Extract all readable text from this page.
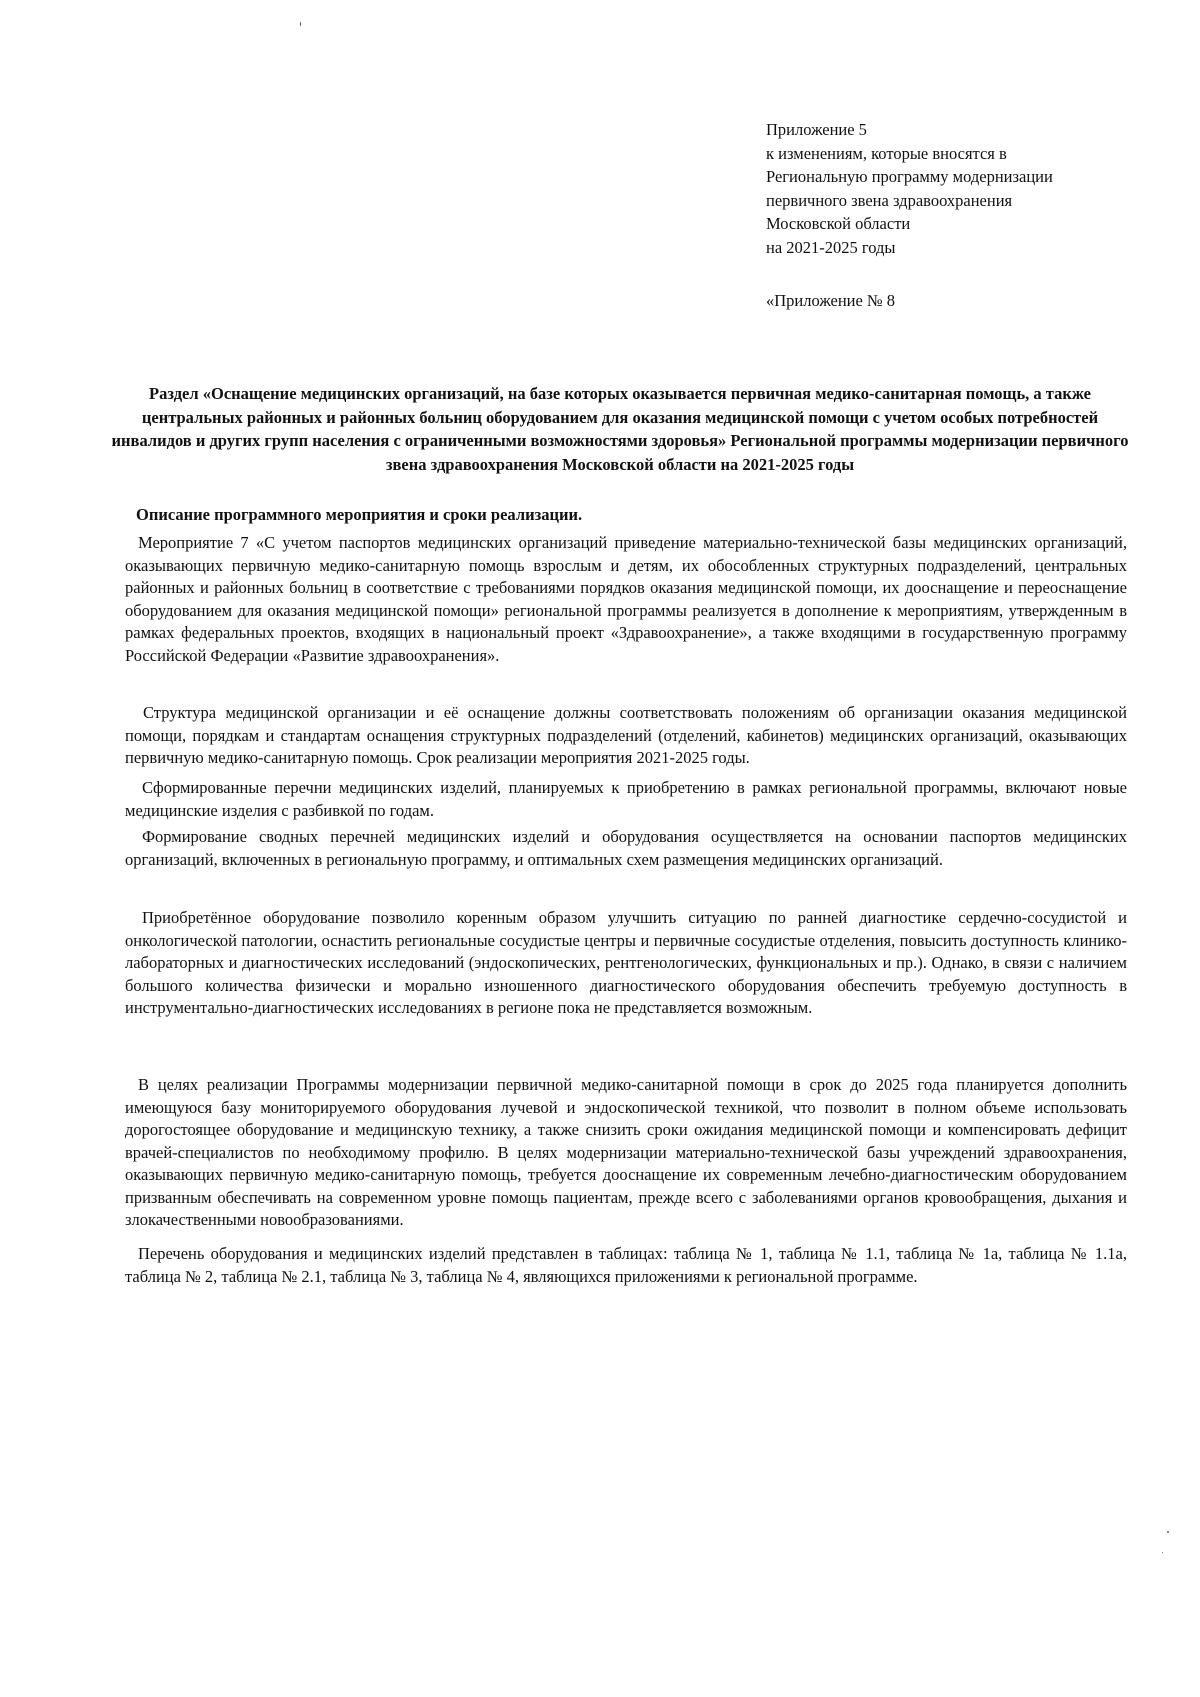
Приложение 5
к изменениям, которые вносятся в
Региональную программу модернизации
первичного звена здравоохранения
Московской области
на 2021-2025 годы
«Приложение № 8
Раздел «Оснащение медицинских организаций, на базе которых оказывается первичная медико-санитарная помощь, а также центральных районных и районных больниц оборудованием для оказания медицинской помощи с учетом особых потребностей инвалидов и других групп населения с ограниченными возможностями здоровья» Региональной программы модернизации первичного звена здравоохранения Московской области на 2021-2025 годы
Описание программного мероприятия и сроки реализации.

Мероприятие 7 «С учетом паспортов медицинских организаций приведение материально-технической базы медицинских организаций, оказывающих первичную медико-санитарную помощь взрослым и детям, их обособленных структурных подразделений, центральных районных и районных больниц в соответствие с требованиями порядков оказания медицинской помощи, их дооснащение и переоснащение оборудованием для оказания медицинской помощи» региональной программы реализуется в дополнение к мероприятиям, утвержденным в рамках федеральных проектов, входящих в национальный проект «Здравоохранение», а также входящими в государственную программу Российской Федерации «Развитие здравоохранения».

Структура медицинской организации и её оснащение должны соответствовать положениям об организации оказания медицинской помощи, порядкам и стандартам оснащения структурных подразделений (отделений, кабинетов) медицинских организаций, оказывающих первичную медико-санитарную помощь. Срок реализации мероприятия 2021-2025 годы.

Сформированные перечни медицинских изделий, планируемых к приобретению в рамках региональной программы, включают новые медицинские изделия с разбивкой по годам.

Формирование сводных перечней медицинских изделий и оборудования осуществляется на основании паспортов медицинских организаций, включенных в региональную программу, и оптимальных схем размещения медицинских организаций.

Приобретённое оборудование позволило коренным образом улучшить ситуацию по ранней диагностике сердечно-сосудистой и онкологической патологии, оснастить региональные сосудистые центры и первичные сосудистые отделения, повысить доступность клинико-лабораторных и диагностических исследований (эндоскопических, рентгенологических, функциональных и пр.). Однако, в связи с наличием большого количества физически и морально изношенного диагностического оборудования обеспечить требуемую доступность в инструментально-диагностических исследованиях в регионе пока не представляется возможным.

В целях реализации Программы модернизации первичной медико-санитарной помощи в срок до 2025 года планируется дополнить имеющуюся базу мониторируемого оборудования лучевой и эндоскопической техникой, что позволит в полном объеме использовать дорогостоящее оборудование и медицинскую технику, а также снизить сроки ожидания медицинской помощи и компенсировать дефицит врачей-специалистов по необходимому профилю. В целях модернизации материально-технической базы учреждений здравоохранения, оказывающих первичную медико-санитарную помощь, требуется дооснащение их современным лечебно-диагностическим оборудованием призванным обеспечивать на современном уровне помощь пациентам, прежде всего с заболеваниями органов кровообращения, дыхания и злокачественными новообразованиями.

Перечень оборудования и медицинских изделий представлен в таблицах: таблица № 1, таблица № 1.1, таблица № 1а, таблица № 1.1а, таблица № 2, таблица № 2.1, таблица № 3, таблица № 4, являющихся приложениями к региональной программе.
